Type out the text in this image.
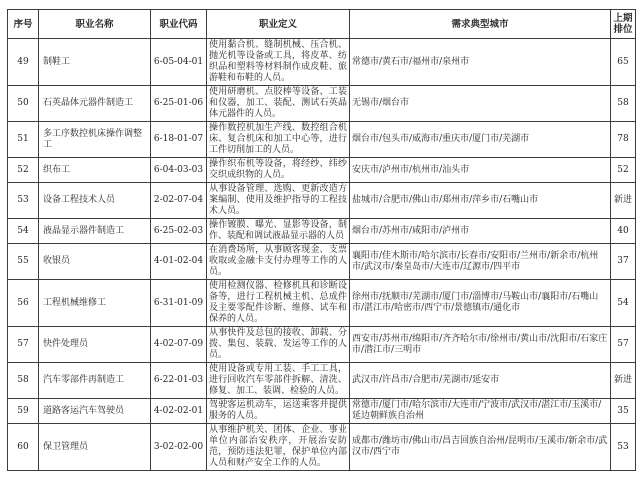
序号	职业名称	职业代码	职业定义	需求典型城市	上期排位
49	制鞋工	6-05-04-01	使用黏合机、缝制机械、压合机、抛光机等设备或工具，将皮革、纺织品和塑料等材料制作成皮鞋、旅游鞋和布鞋的人员。	常德市/黄石市/福州市/泉州市	65
50	石英晶体元器件制造工	6-25-01-06	使用研磨机、点胶棒等设备、工装和仪器，加工、装配、测试石英晶体元器件的人员。	无锡市/烟台市	58
51	多工序数控机床操作调整工	6-18-01-07	操作数控机加生产线、数控组合机床、复合机床和加工中心等，进行工件切削加工的人员。	烟台市/包头市/威海市/重庆市/厦门市/芜湖市	78
52	织布工	6-04-03-03	操作织布机等设备，将经纱、纬纱交织成织物的人员。	安庆市/泸州市/杭州市/汕头市	52
53	设备工程技术人员	2-02-07-04	从事设备管理、选购、更新改造方案编制、使用及维护指导的工程技术人员。	盐城市/合肥市/佛山市/郑州市/萍乡市/石嘴山市	新进
54	液晶显示器件制造工	6-25-02-03	操作镀膜、曝光、显影等设备，制作、装配和调试液晶显示器的人员	烟台市/苏州市/咸阳市/泸州市	40
55	收银员	4-01-02-04	在消费场所，从事顾客现金、支票收取或金融卡支付办理等工作的人员。	襄阳市/佳木斯市/哈尔滨市/长春市/安阳市/兰州市/新余市/杭州市/武汉市/秦皇岛市/大连市/辽源市/四平市	37
56	工程机械维修工	6-31-01-09	使用检测仪器、检修机具和诊断设备等，进行工程机械主机、总成件及主要零配件诊断、维修、试车和保养的人员。	徐州市/抚顺市/芜湖市/厦门市/淄博市/马鞍山市/襄阳市/石嘴山市/湛江市/哈密市/西宁市/景德镇市/通化市	54
57	快件处理员	4-02-07-09	从事快件及总包的接收、卸载、分拨、集包、装载、发运等工作的人员。	西安市/苏州市/绵阳市/齐齐哈尔市/徐州市/黄山市/沈阳市/石家庄市/潜江市/三明市	57
58	汽车零部件再制造工	6-22-01-03	使用设备或专用工装、手工工具，进行回收汽车零部件拆解、清洗、修复、加工、装调、检验的人员。	武汉市/许昌市/合肥市/芜湖市/延安市	新进
59	道路客运汽车驾驶员	4-02-02-01	驾驶客运机动车，运送乘客并提供服务的人员。	常德市/厦门市/哈尔滨市/大连市/宁波市/武汉市/湛江市/玉溪市/延边朝鲜族自治州	35
60	保卫管理员	3-02-02-00	从事维护机关、团体、企业、事业单位内部治安秩序，开展治安防范，预防违法犯罪，保护单位内部人员和财产安全工作的人员。	成都市/潍坊市/佛山市/昌吉回族自治州/昆明市/玉溪市/新余市/武汉市/西宁市	53
